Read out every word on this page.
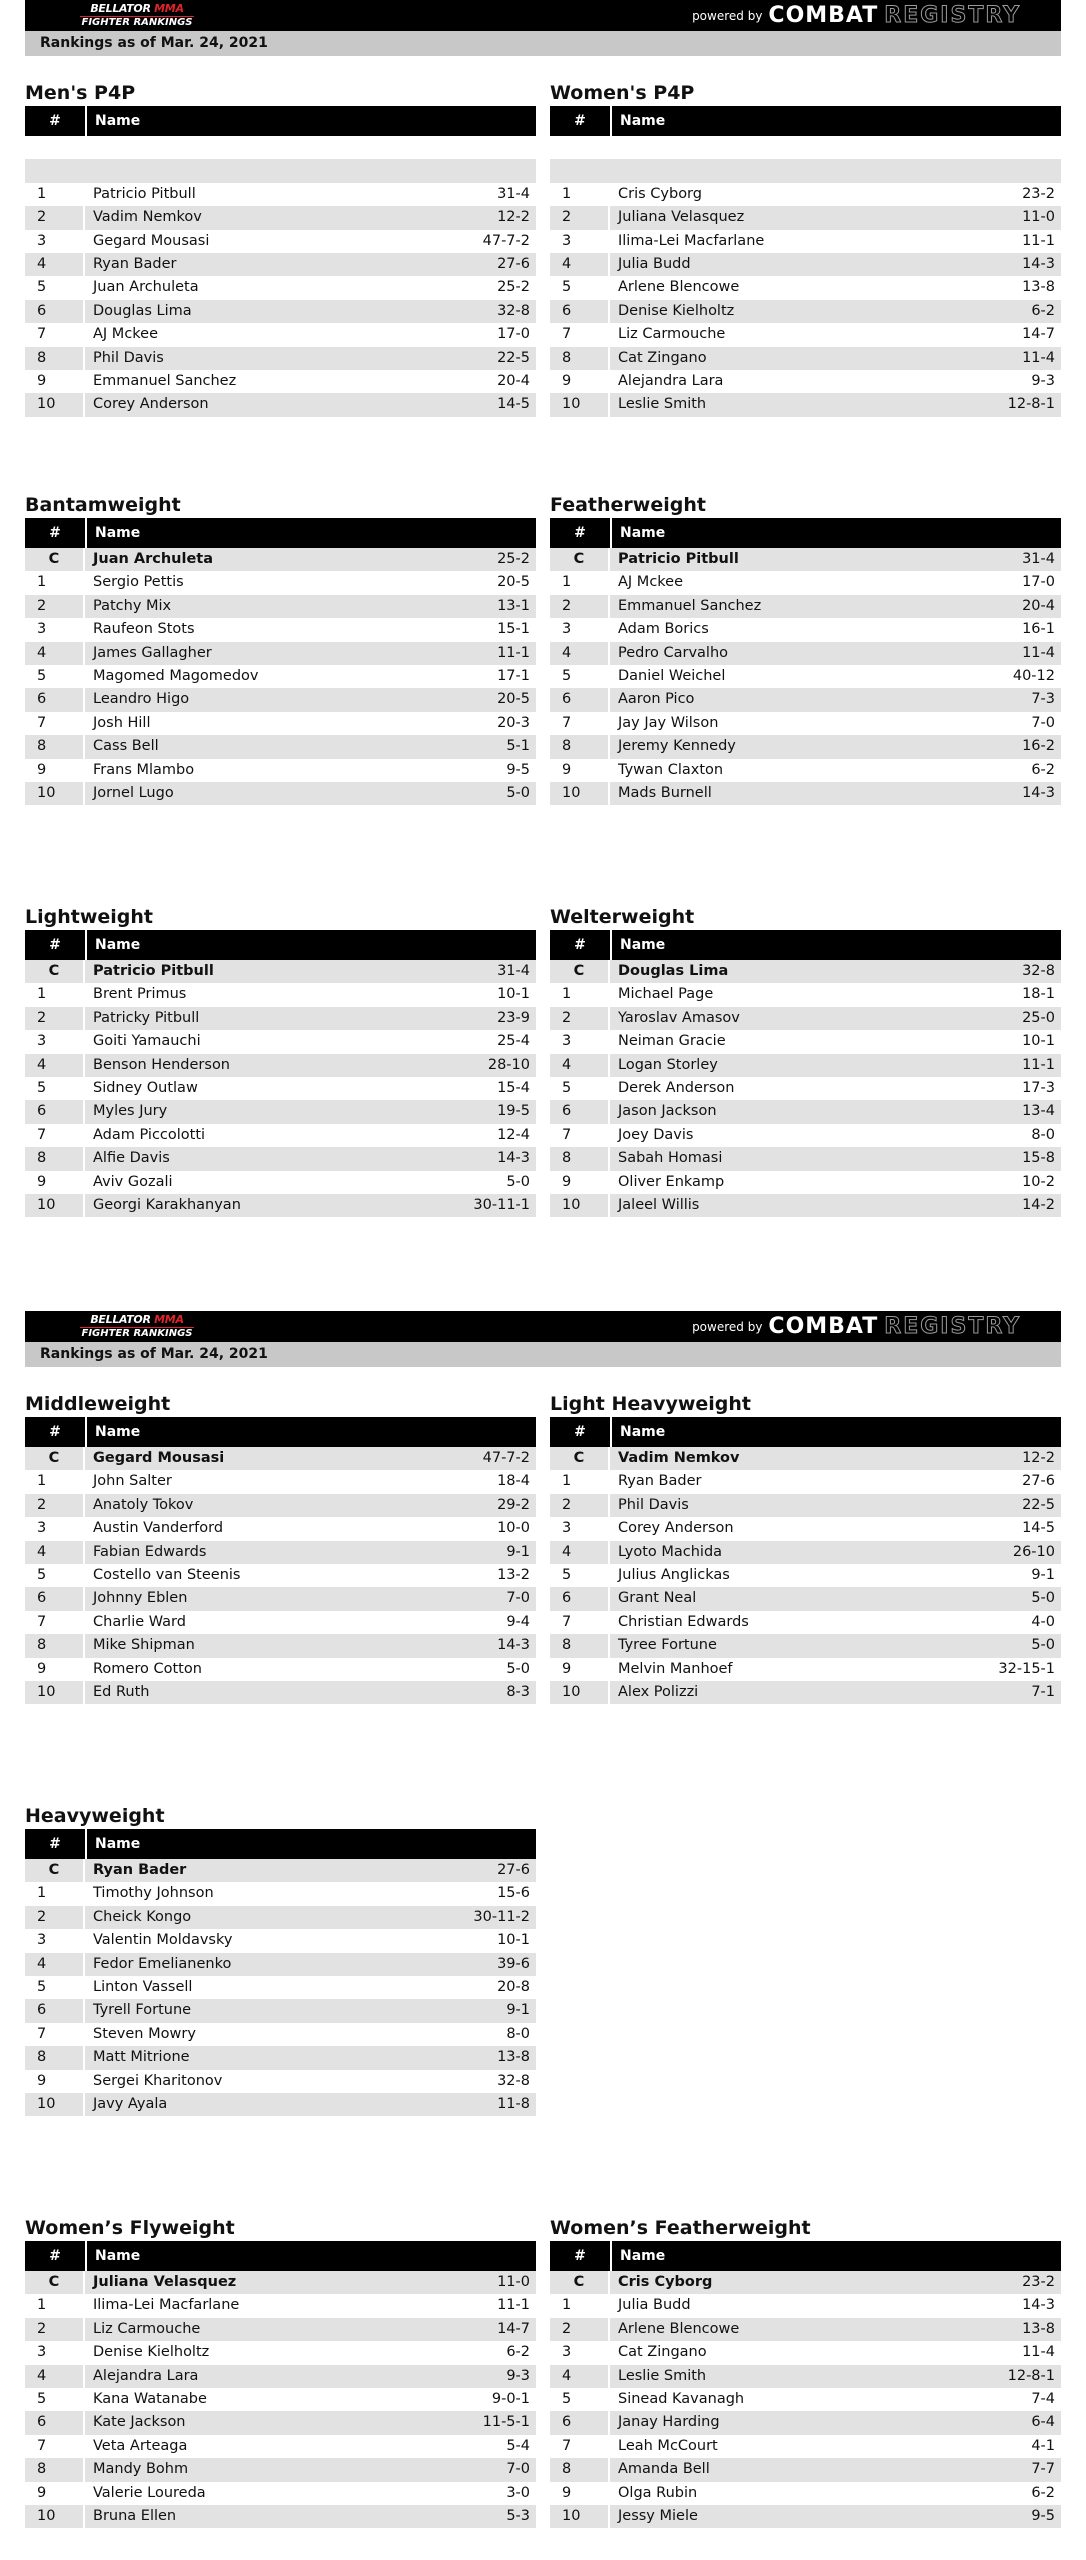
BELLATOR MMA
FIGHTER RANKINGS	powered by COMBAT REGISTRY
Rankings as of Mar. 24, 2021
BELLATOR MMA
FIGHTER RANKINGS	powered by COMBAT REGISTRY
Rankings as of Mar. 24, 2021
Men's P4P
#	Name
1	Patricio Pitbull	31-4
2	Vadim Nemkov	12-2
3	Gegard Mousasi	47-7-2
4	Ryan Bader	27-6
5	Juan Archuleta	25-2
6	Douglas Lima	32-8
7	AJ Mckee	17-0
8	Phil Davis	22-5
9	Emmanuel Sanchez	20-4
10	Corey Anderson	14-5
Women's P4P
#	Name
1	Cris Cyborg	23-2
2	Juliana Velasquez	11-0
3	Ilima-Lei Macfarlane	11-1
4	Julia Budd	14-3
5	Arlene Blencowe	13-8
6	Denise Kielholtz	6-2
7	Liz Carmouche	14-7
8	Cat Zingano	11-4
9	Alejandra Lara	9-3
10	Leslie Smith	12-8-1
Bantamweight
#	Name
C	Juan Archuleta	25-2
1	Sergio Pettis	20-5
2	Patchy Mix	13-1
3	Raufeon Stots	15-1
4	James Gallagher	11-1
5	Magomed Magomedov	17-1
6	Leandro Higo	20-5
7	Josh Hill	20-3
8	Cass Bell	5-1
9	Frans Mlambo	9-5
10	Jornel Lugo	5-0
Featherweight
#	Name
C	Patricio Pitbull	31-4
1	AJ Mckee	17-0
2	Emmanuel Sanchez	20-4
3	Adam Borics	16-1
4	Pedro Carvalho	11-4
5	Daniel Weichel	40-12
6	Aaron Pico	7-3
7	Jay Jay Wilson	7-0
8	Jeremy Kennedy	16-2
9	Tywan Claxton	6-2
10	Mads Burnell	14-3
Lightweight
#	Name
C	Patricio Pitbull	31-4
1	Brent Primus	10-1
2	Patricky Pitbull	23-9
3	Goiti Yamauchi	25-4
4	Benson Henderson	28-10
5	Sidney Outlaw	15-4
6	Myles Jury	19-5
7	Adam Piccolotti	12-4
8	Alfie Davis	14-3
9	Aviv Gozali	5-0
10	Georgi Karakhanyan	30-11-1
Welterweight
#	Name
C	Douglas Lima	32-8
1	Michael Page	18-1
2	Yaroslav Amasov	25-0
3	Neiman Gracie	10-1
4	Logan Storley	11-1
5	Derek Anderson	17-3
6	Jason Jackson	13-4
7	Joey Davis	8-0
8	Sabah Homasi	15-8
9	Oliver Enkamp	10-2
10	Jaleel Willis	14-2
Middleweight
#	Name
C	Gegard Mousasi	47-7-2
1	John Salter	18-4
2	Anatoly Tokov	29-2
3	Austin Vanderford	10-0
4	Fabian Edwards	9-1
5	Costello van Steenis	13-2
6	Johnny Eblen	7-0
7	Charlie Ward	9-4
8	Mike Shipman	14-3
9	Romero Cotton	5-0
10	Ed Ruth	8-3
Light Heavyweight
#	Name
C	Vadim Nemkov	12-2
1	Ryan Bader	27-6
2	Phil Davis	22-5
3	Corey Anderson	14-5
4	Lyoto Machida	26-10
5	Julius Anglickas	9-1
6	Grant Neal	5-0
7	Christian Edwards	4-0
8	Tyree Fortune	5-0
9	Melvin Manhoef	32-15-1
10	Alex Polizzi	7-1
Heavyweight
#	Name
C	Ryan Bader	27-6
1	Timothy Johnson	15-6
2	Cheick Kongo	30-11-2
3	Valentin Moldavsky	10-1
4	Fedor Emelianenko	39-6
5	Linton Vassell	20-8
6	Tyrell Fortune	9-1
7	Steven Mowry	8-0
8	Matt Mitrione	13-8
9	Sergei Kharitonov	32-8
10	Javy Ayala	11-8
Women’s Flyweight
#	Name
C	Juliana Velasquez	11-0
1	Ilima-Lei Macfarlane	11-1
2	Liz Carmouche	14-7
3	Denise Kielholtz	6-2
4	Alejandra Lara	9-3
5	Kana Watanabe	9-0-1
6	Kate Jackson	11-5-1
7	Veta Arteaga	5-4
8	Mandy Bohm	7-0
9	Valerie Loureda	3-0
10	Bruna Ellen	5-3
Women’s Featherweight
#	Name
C	Cris Cyborg	23-2
1	Julia Budd	14-3
2	Arlene Blencowe	13-8
3	Cat Zingano	11-4
4	Leslie Smith	12-8-1
5	Sinead Kavanagh	7-4
6	Janay Harding	6-4
7	Leah McCourt	4-1
8	Amanda Bell	7-7
9	Olga Rubin	6-2
10	Jessy Miele	9-5
